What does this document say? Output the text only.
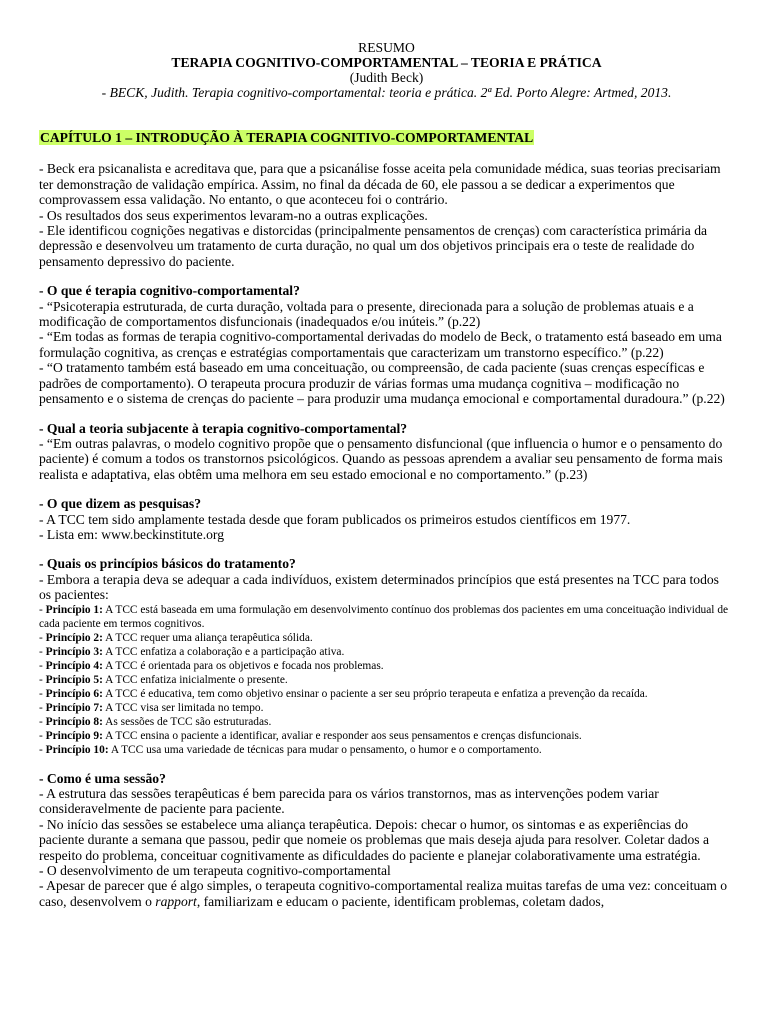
RESUMO
TERAPIA COGNITIVO-COMPORTAMENTAL – TEORIA E PRÁTICA
(Judith Beck)
- BECK, Judith. Terapia cognitivo-comportamental: teoria e prática. 2ª Ed. Porto Alegre: Artmed, 2013.
CAPÍTULO 1 – INTRODUÇÃO À TERAPIA COGNITIVO-COMPORTAMENTAL

- Beck era psicanalista e acreditava que, para que a psicanálise fosse aceita pela comunidade médica, suas teorias precisariam ter demonstração de validação empírica. Assim, no final da década de 60, ele passou a se dedicar a experimentos que comprovassem essa validação. No entanto, o que aconteceu foi o contrário.

- Os resultados dos seus experimentos levaram-no a outras explicações.

- Ele identificou cognições negativas e distorcidas (principalmente pensamentos de crenças) com característica primária da depressão e desenvolveu um tratamento de curta duração, no qual um dos objetivos principais era o teste de realidade do pensamento depressivo do paciente.

- O que é terapia cognitivo-comportamental?

- “Psicoterapia estruturada, de curta duração, voltada para o presente, direcionada para a solução de problemas atuais e a modificação de comportamentos disfuncionais (inadequados e/ou inúteis.” (p.22)

- “Em todas as formas de terapia cognitivo-comportamental derivadas do modelo de Beck, o tratamento está baseado em uma formulação cognitiva, as crenças e estratégias comportamentais que caracterizam um transtorno específico.” (p.22)

- “O tratamento também está baseado em uma conceituação, ou compreensão, de cada paciente (suas crenças específicas e padrões de comportamento). O terapeuta procura produzir de várias formas uma mudança cognitiva – modificação no pensamento e o sistema de crenças do paciente – para produzir uma mudança emocional e comportamental duradoura.” (p.22)

- Qual a teoria subjacente à terapia cognitivo-comportamental?

- “Em outras palavras, o modelo cognitivo propõe que o pensamento disfuncional (que influencia o humor e o pensamento do paciente) é comum a todos os transtornos psicológicos. Quando as pessoas aprendem a avaliar seu pensamento de forma mais realista e adaptativa, elas obtêm uma melhora em seu estado emocional e no comportamento.” (p.23)

- O que dizem as pesquisas?

- A TCC tem sido amplamente testada desde que foram publicados os primeiros estudos científicos em 1977.

- Lista em: www.beckinstitute.org

- Quais os princípios básicos do tratamento?

- Embora a terapia deva se adequar a cada indivíduos, existem determinados princípios que está presentes na TCC para todos os pacientes:

- Princípio 1: A TCC está baseada em uma formulação em desenvolvimento contínuo dos problemas dos pacientes em uma conceituação individual de cada paciente em termos cognitivos.

- Princípio 2: A TCC requer uma aliança terapêutica sólida.

- Princípio 3: A TCC enfatiza a colaboração e a participação ativa.

- Princípio 4: A TCC é orientada para os objetivos e focada nos problemas.

- Princípio 5: A TCC enfatiza inicialmente o presente.

- Princípio 6: A TCC é educativa, tem como objetivo ensinar o paciente a ser seu próprio terapeuta e enfatiza a prevenção da recaída.

- Princípio 7: A TCC visa ser limitada no tempo.

- Princípio 8: As sessões de TCC são estruturadas.

- Princípio 9: A TCC ensina o paciente a identificar, avaliar e responder aos seus pensamentos e crenças disfuncionais.

- Princípio 10: A TCC usa uma variedade de técnicas para mudar o pensamento, o humor e o comportamento.

- Como é uma sessão?

- A estrutura das sessões terapêuticas é bem parecida para os vários transtornos, mas as intervenções podem variar consideravelmente de paciente para paciente.

- No início das sessões se estabelece uma aliança terapêutica. Depois: checar o humor, os sintomas e as experiências do paciente durante a semana que passou, pedir que nomeie os problemas que mais deseja ajuda para resolver. Coletar dados a respeito do problema, conceituar cognitivamente as dificuldades do paciente e planejar colaborativamente uma estratégia.

- O desenvolvimento de um terapeuta cognitivo-comportamental

- Apesar de parecer que é algo simples, o terapeuta cognitivo-comportamental realiza muitas tarefas de uma vez: conceituam o caso, desenvolvem o rapport, familiarizam e educam o paciente, identificam problemas, coletam dados,
